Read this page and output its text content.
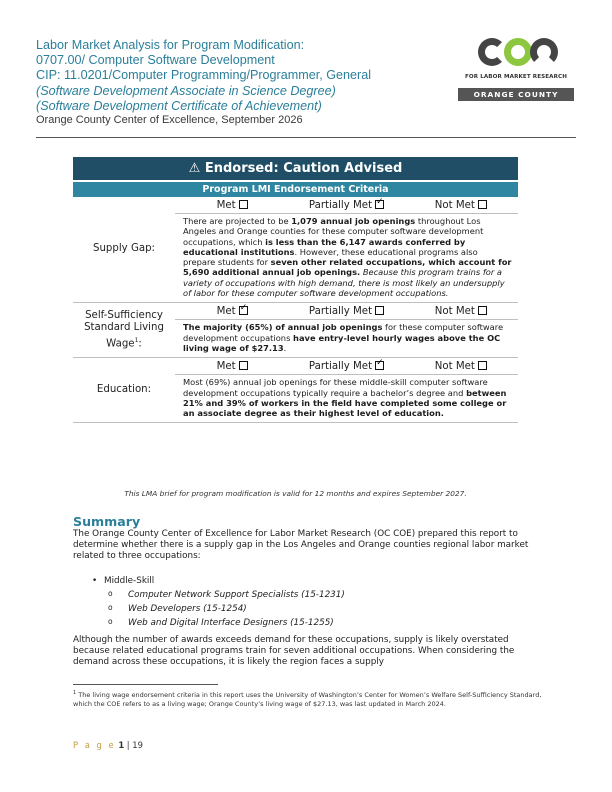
Labor Market Analysis for Program Modification:
0707.00/ Computer Software Development
CIP: 11.0201/Computer Programming/Programmer, General
(Software Development Associate in Science Degree)
(Software Development Certificate of Achievement)
Orange County Center of Excellence, September 2026
FOR LABOR MARKET RESEARCH
ORANGE COUNTY
⚠ Endorsed: Caution Advised
Program LMI Endorsement Criteria
Supply Gap:
Met	Partially Met ✓	Not Met
There are projected to be 1,079 annual job openings throughout Los Angeles and Orange counties for these computer software development occupations, which is less than the 6,147 awards conferred by educational institutions. However, these educational programs also prepare students for seven other related occupations, which account for 5,690 additional annual job openings. Because this program trains for a variety of occupations with high demand, there is most likely an undersupply of labor for these computer software development occupations.
Self-Sufficiency Standard Living Wage$^1$:
Met ✓	Partially Met	Not Met
The majority (65%) of annual job openings for these computer software development occupations have entry-level hourly wages above the OC living wage of $27.13.
Education:
Met	Partially Met ✓	Not Met
Most (69%) annual job openings for these middle-skill computer software development occupations typically require a bachelor’s degree and between 21% and 39% of workers in the field have completed some college or an associate degree as their highest level of education.
This LMA brief for program modification is valid for 12 months and expires September 2027.
Summary
The Orange County Center of Excellence for Labor Market Research (OC COE) prepared this report to determine whether there is a supply gap in the Los Angeles and Orange counties regional labor market related to three occupations:
• Middle-Skill
o Computer Network Support Specialists (15-1231)
o Web Developers (15-1254)
o Web and Digital Interface Designers (15-1255)
Although the number of awards exceeds demand for these occupations, supply is likely overstated because related educational programs train for seven additional occupations. When considering the demand across these occupations, it is likely the region faces a supply
$^1$ The living wage endorsement criteria in this report uses the University of Washington’s Center for Women’s Welfare Self-Sufficiency Standard, which the COE refers to as a living wage; Orange County’s living wage of $27.13, was last updated in March 2024.
P a g e 1 | 19
